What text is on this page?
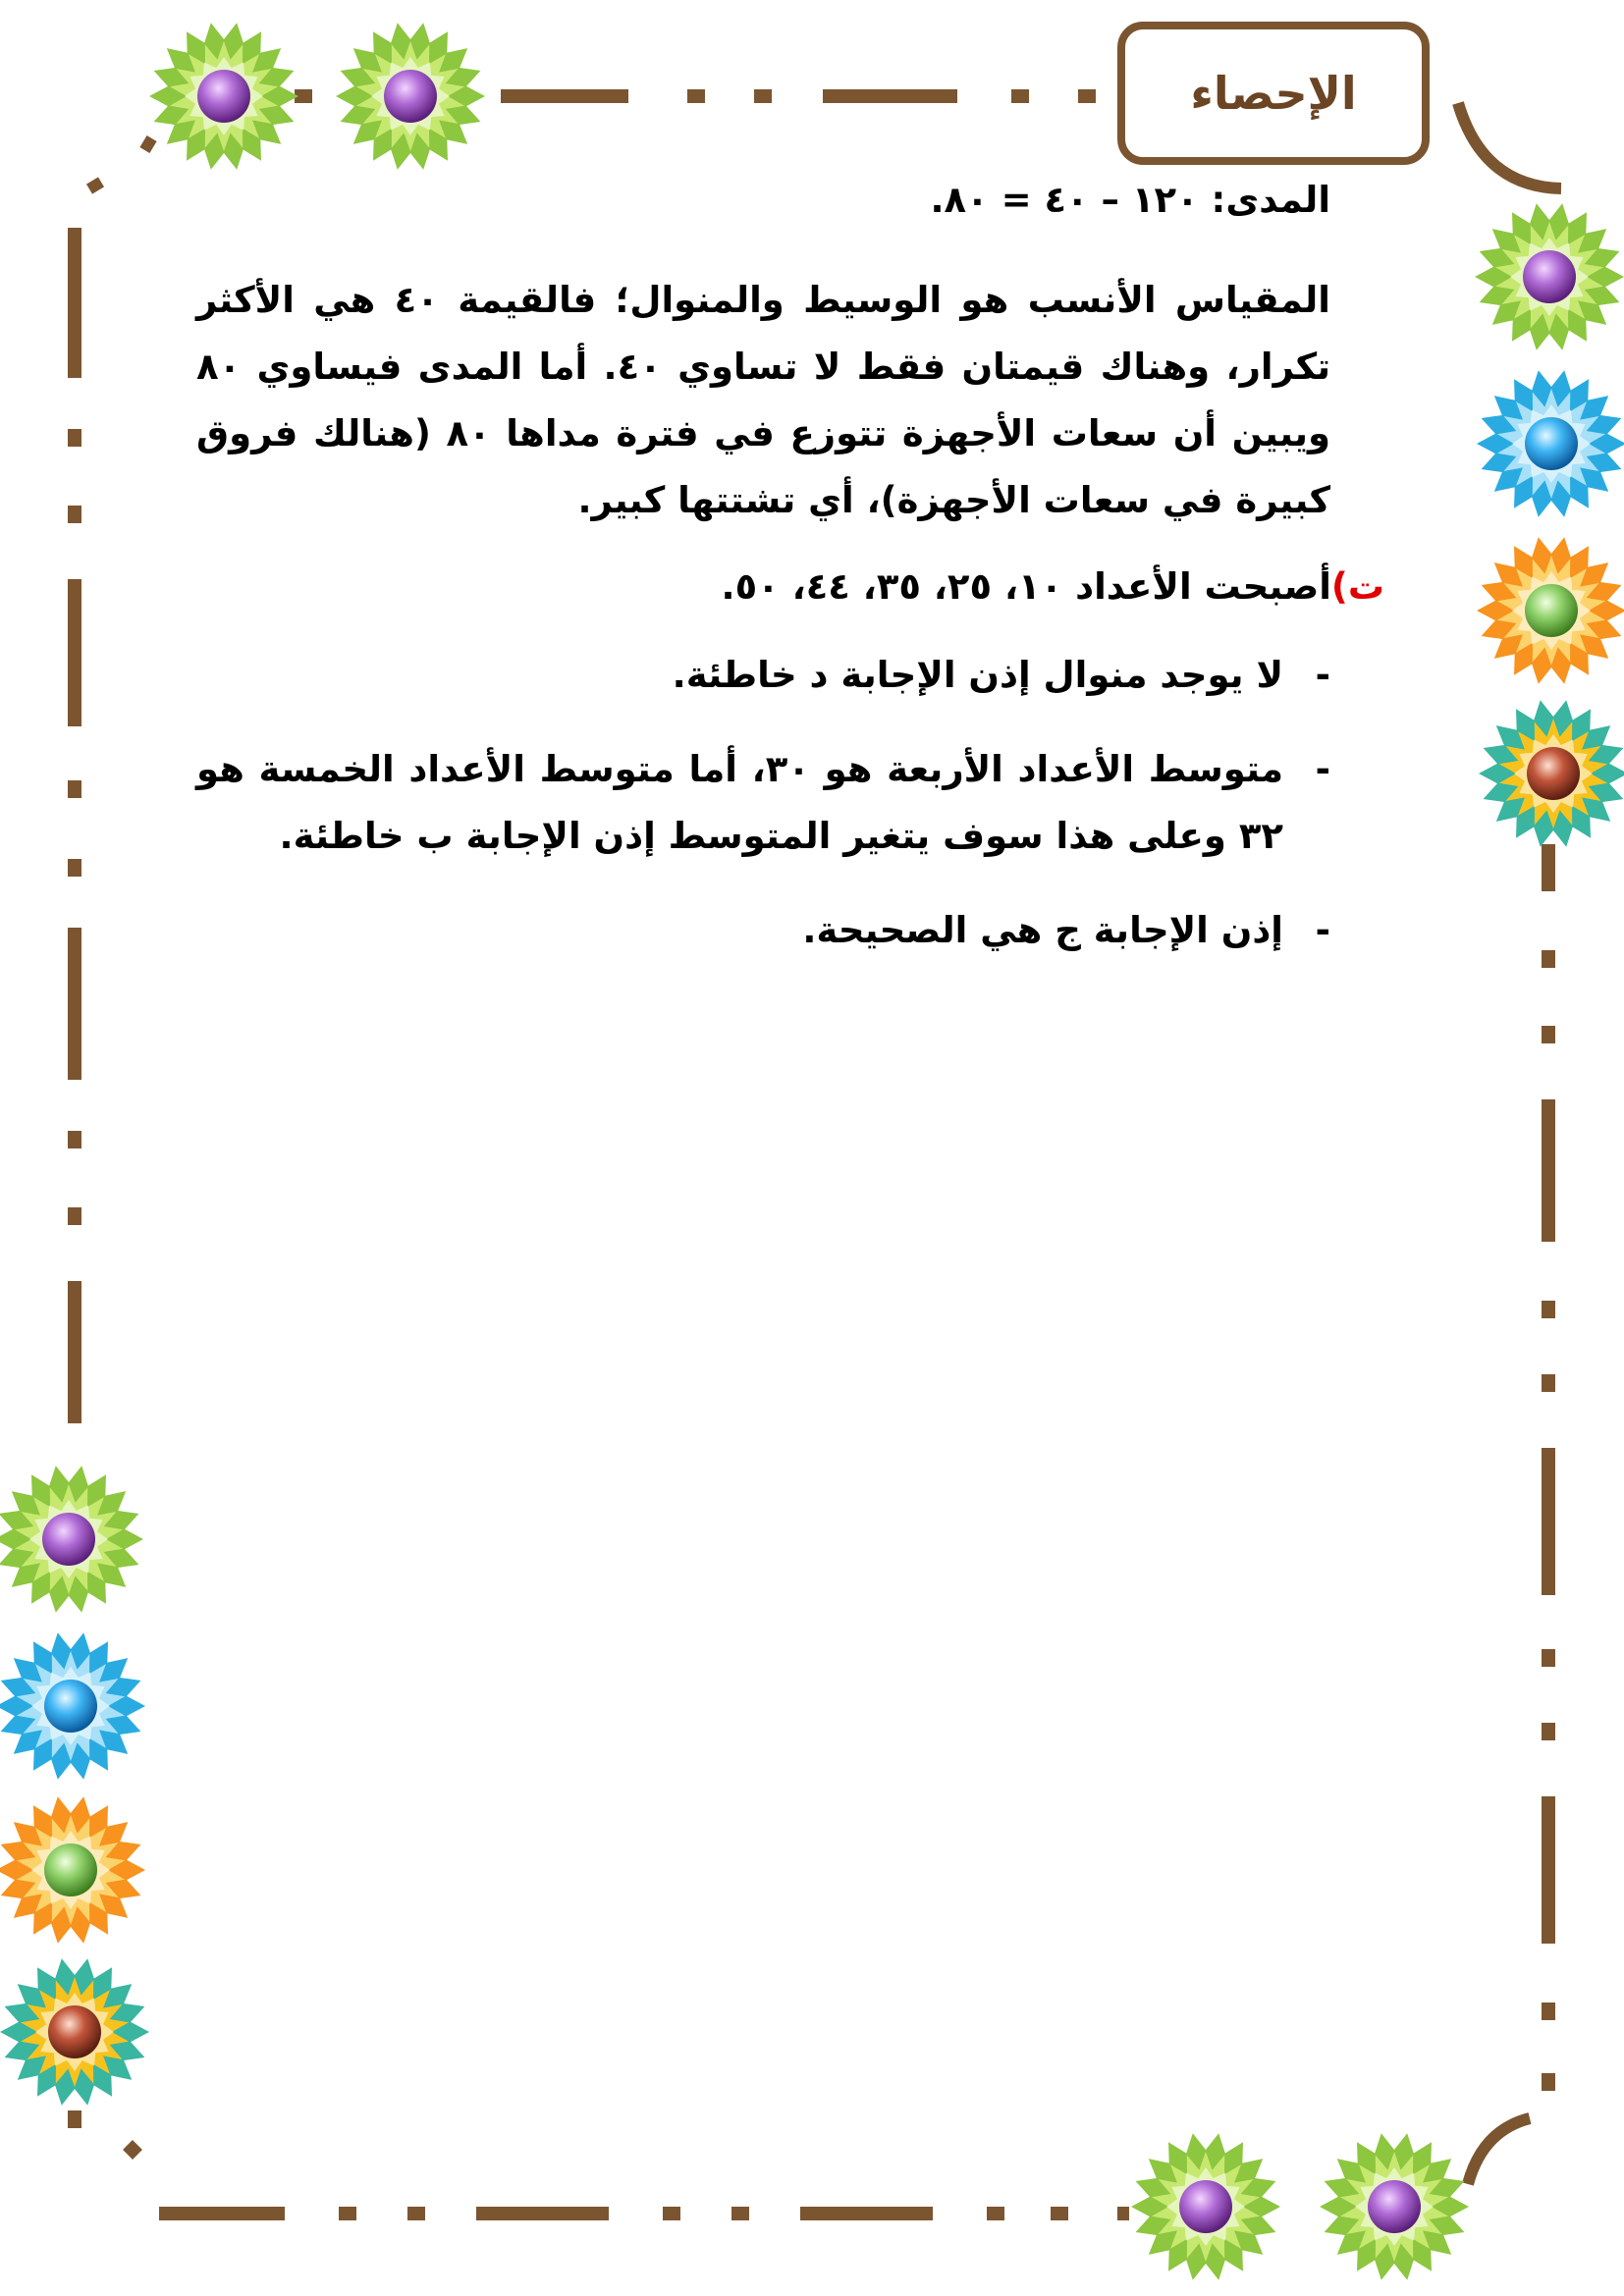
الإحصاء

المدى: ١٢٠ – ٤٠ = ٨٠.

المقياس الأنسب هو الوسيط والمنوال؛ فالقيمة ٤٠ هي الأكثر تكرار، وهناك قيمتان فقط لا تساوي ٤٠. أما المدى فيساوي ٨٠ ويبين أن سعات الأجهزة تتوزع في فترة مداها ٨٠ (هنالك فروق كبيرة في سعات الأجهزة)، أي تشتتها كبير.

ت)أصبحت الأعداد ١٠، ٢٥، ٣٥، ٤٤، ٥٠.

-
لا يوجد منوال إذن الإجابة د خاطئة.
-
متوسط الأعداد الأربعة هو ٣٠، أما متوسط الأعداد الخمسة هو ٣٢ وعلى هذا سوف يتغير المتوسط إذن الإجابة ب خاطئة.
-
إذن الإجابة ج هي الصحيحة.
